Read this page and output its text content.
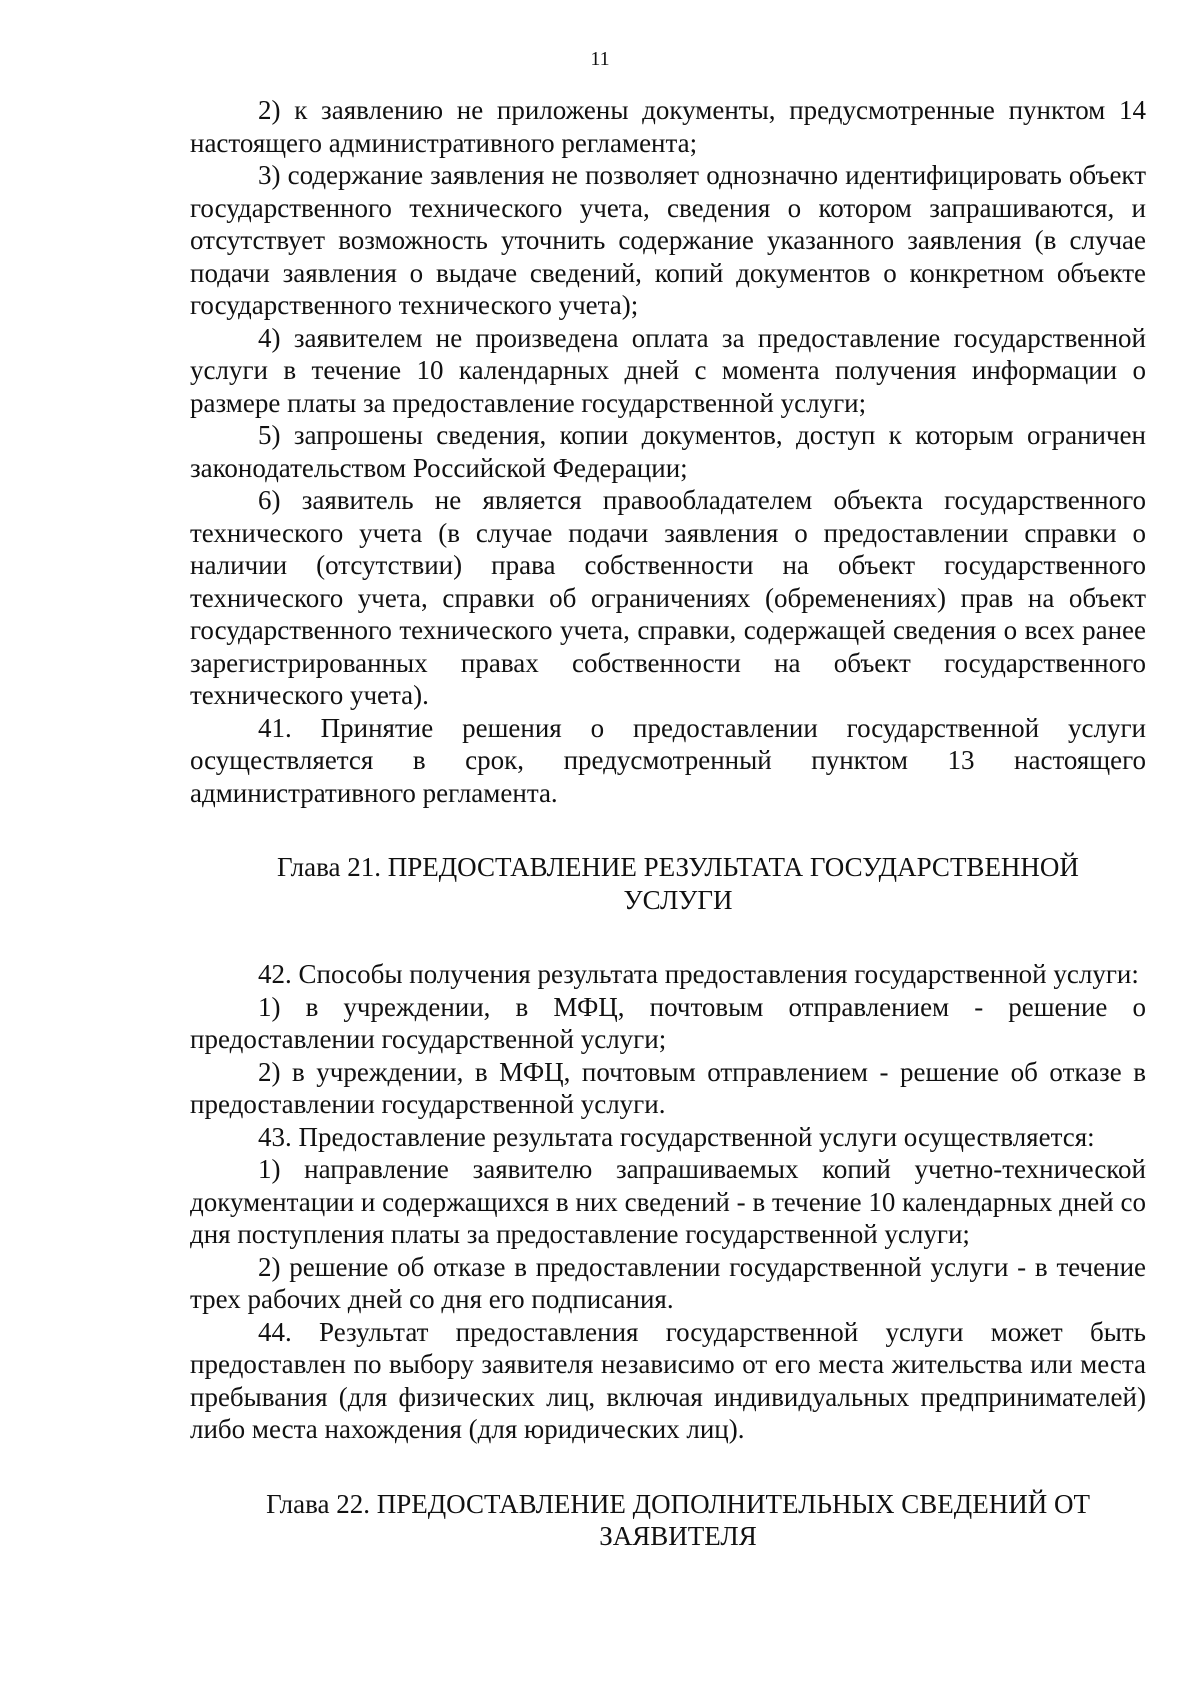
11

2) к заявлению не приложены документы, предусмотренные пунктом 14 настоящего административного регламента;

3) содержание заявления не позволяет однозначно идентифицировать объект государственного технического учета, сведения о котором запрашиваются, и отсутствует возможность уточнить содержание указанного заявления (в случае подачи заявления о выдаче сведений, копий документов о конкретном объекте государственного технического учета);

4) заявителем не произведена оплата за предоставление государственной услуги в течение 10 календарных дней с момента получения информации о размере платы за предоставление государственной услуги;

5) запрошены сведения, копии документов, доступ к которым ограничен законодательством Российской Федерации;

6) заявитель не является правообладателем объекта государственного технического учета (в случае подачи заявления о предоставлении справки о наличии (отсутствии) права собственности на объект государственного технического учета, справки об ограничениях (обременениях) прав на объект государственного технического учета, справки, содержащей сведения о всех ранее зарегистрированных правах собственности на объект государственного технического учета).

41. Принятие решения о предоставлении государственной услуги осуществляется в срок, предусмотренный пунктом 13 настоящего административного регламента.

Глава 21. ПРЕДОСТАВЛЕНИЕ РЕЗУЛЬТАТА ГОСУДАРСТВЕННОЙ
УСЛУГИ

42. Способы получения результата предоставления государственной услуги:

1) в учреждении, в МФЦ, почтовым отправлением - решение о предоставлении государственной услуги;

2) в учреждении, в МФЦ, почтовым отправлением - решение об отказе в предоставлении государственной услуги.

43. Предоставление результата государственной услуги осуществляется:

1) направление заявителю запрашиваемых копий учетно-технической документации и содержащихся в них сведений - в течение 10 календарных дней со дня поступления платы за предоставление государственной услуги;

2) решение об отказе в предоставлении государственной услуги - в течение трех рабочих дней со дня его подписания.

44. Результат предоставления государственной услуги может быть предоставлен по выбору заявителя независимо от его места жительства или места пребывания (для физических лиц, включая индивидуальных предпринимателей) либо места нахождения (для юридических лиц).

Глава 22. ПРЕДОСТАВЛЕНИЕ ДОПОЛНИТЕЛЬНЫХ СВЕДЕНИЙ ОТ
ЗАЯВИТЕЛЯ
